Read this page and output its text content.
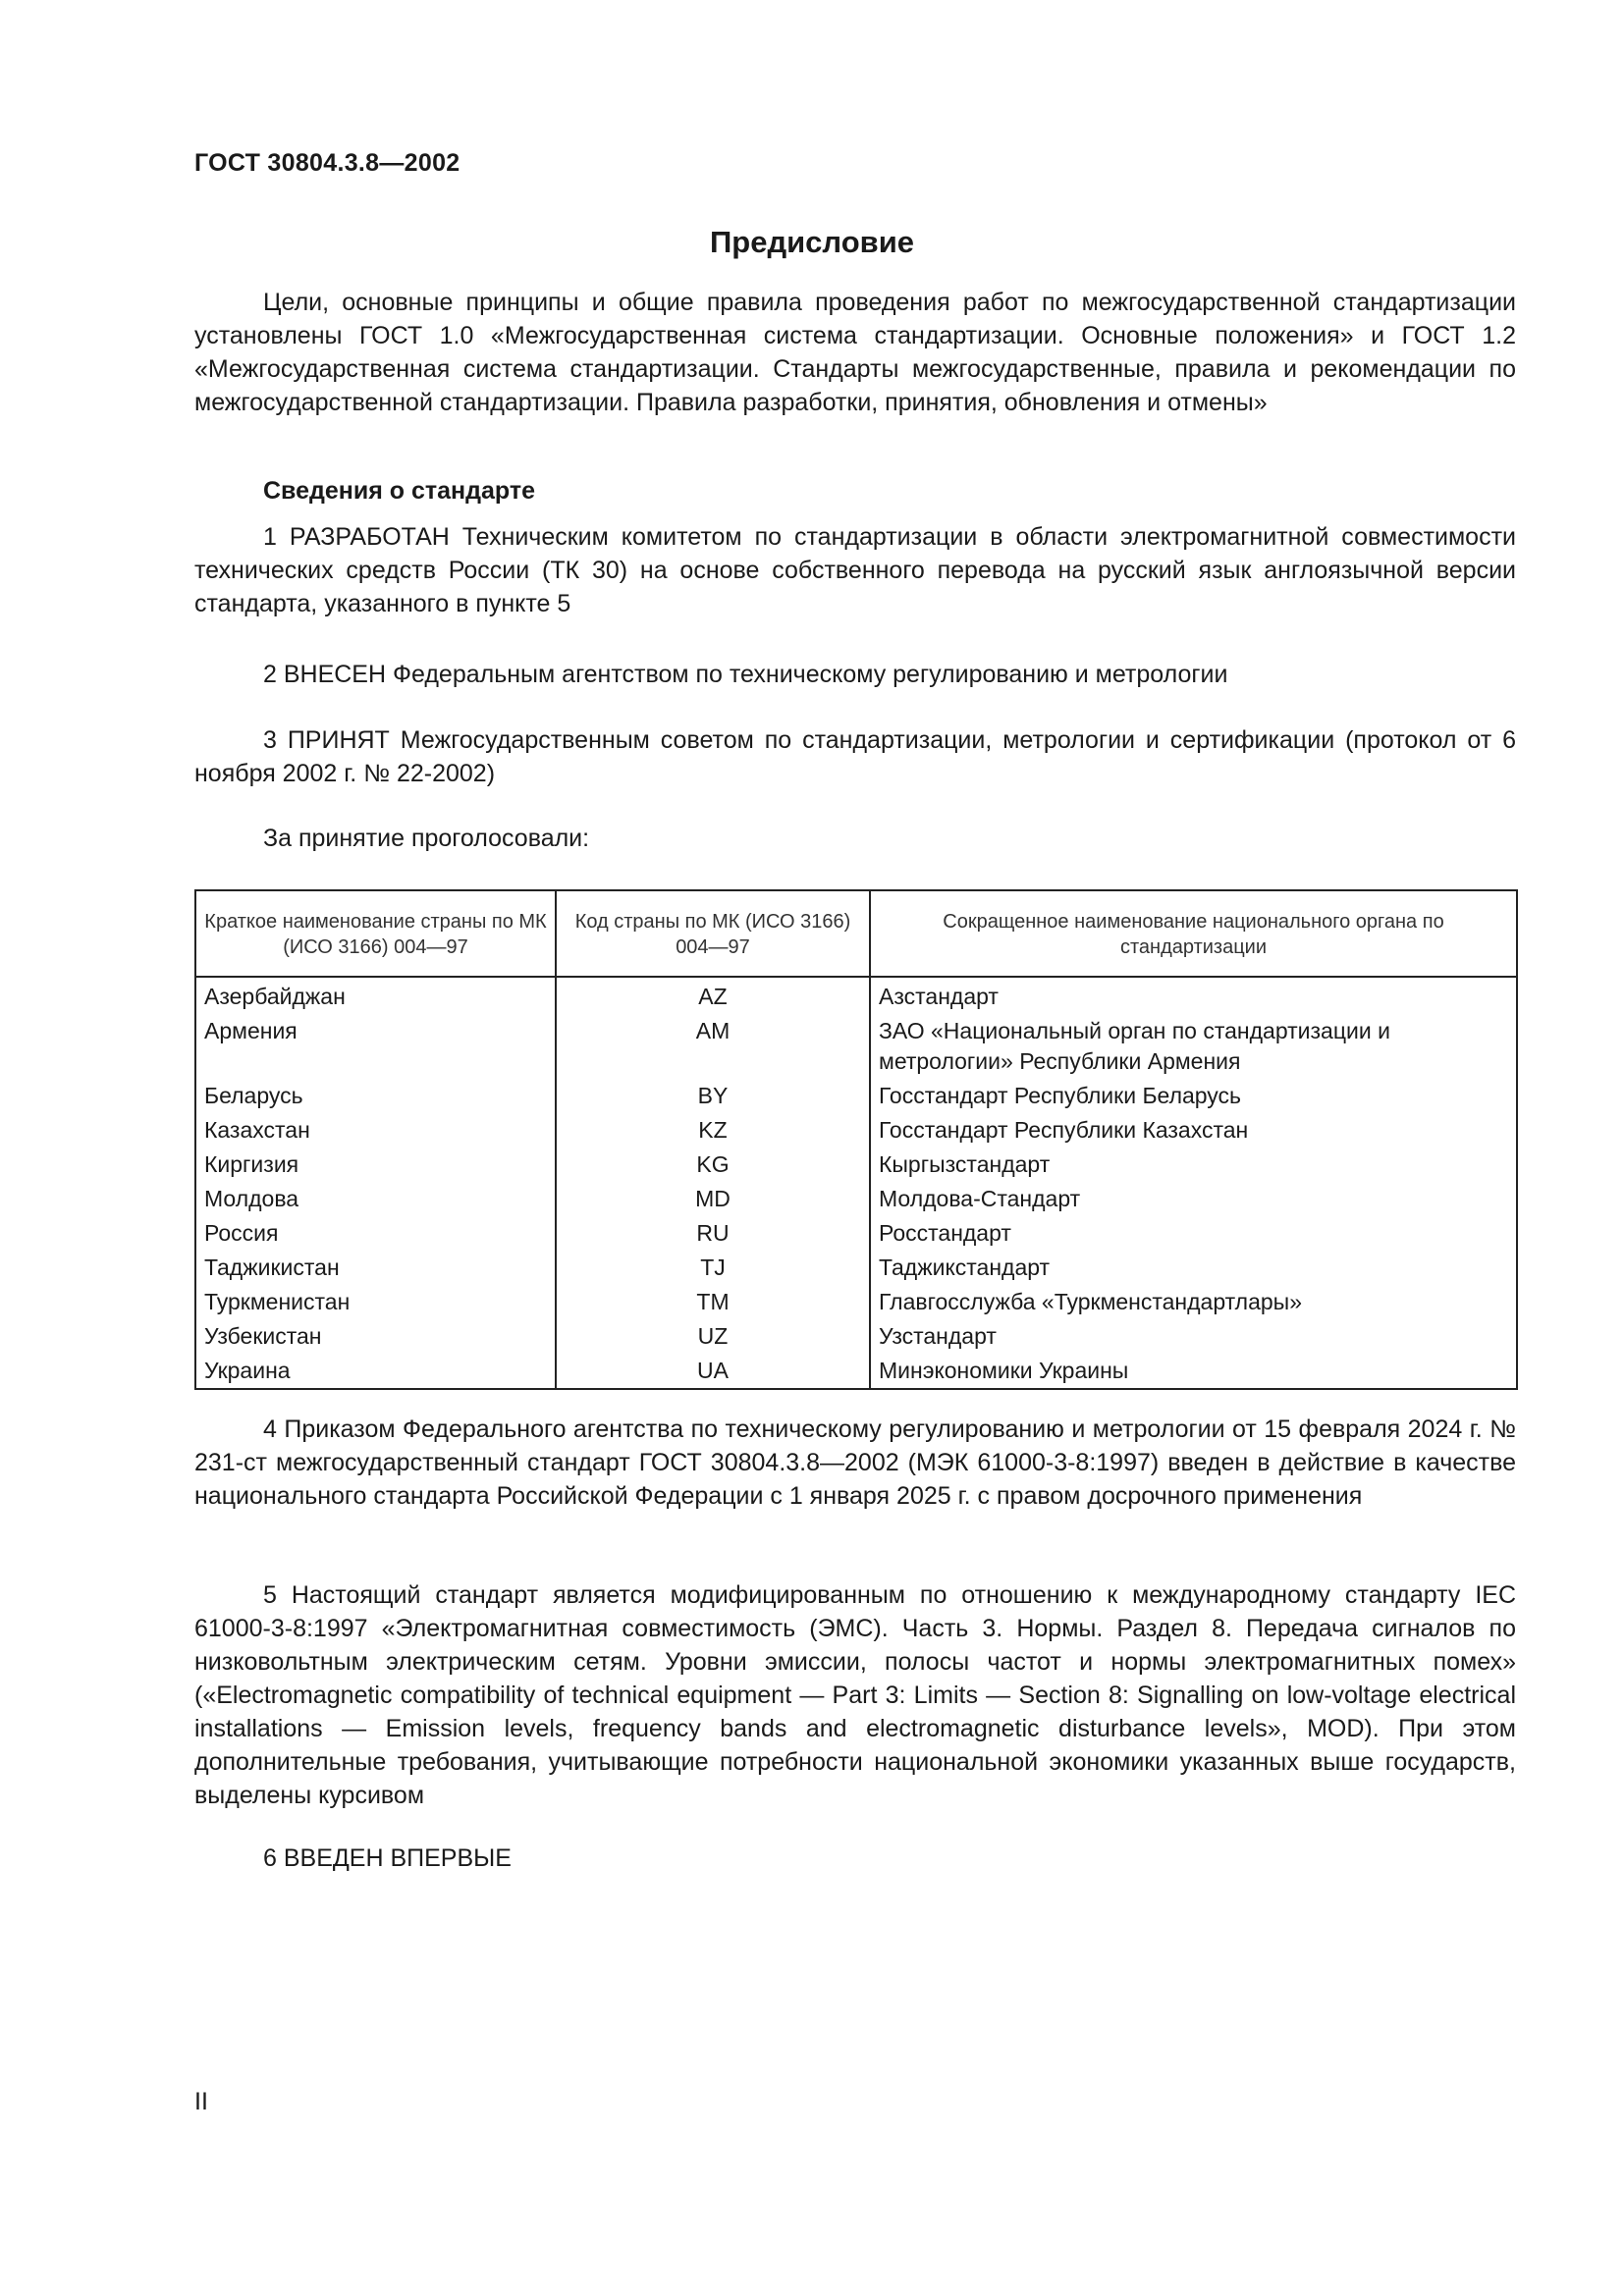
ГОСТ 30804.3.8—2002
Предисловие

Цели, основные принципы и общие правила проведения работ по межгосударственной стандартизации установлены ГОСТ 1.0 «Межгосударственная система стандартизации. Основные положения» и ГОСТ 1.2 «Межгосударственная система стандартизации. Стандарты межгосударственные, правила и рекомендации по межгосударственной стандартизации. Правила разработки, принятия, обновления и отмены»

Сведения о стандарте

1 РАЗРАБОТАН Техническим комитетом по стандартизации в области электромагнитной совместимости технических средств России (ТК 30) на основе собственного перевода на русский язык англоязычной версии стандарта, указанного в пункте 5

2 ВНЕСЕН Федеральным агентством по техническому регулированию и метрологии

3 ПРИНЯТ Межгосударственным советом по стандартизации, метрологии и сертификации (протокол от 6 ноября 2002 г. № 22-2002)

За принятие проголосовали:
Краткое наименование страны по МК (ИСО 3166) 004—97	Код страны по МК (ИСО 3166) 004—97	Сокращенное наименование национального органа по стандартизации
Азербайджан	AZ	Азстандарт
Армения	AM	ЗАО «Национальный орган по стандартизации и метрологии» Республики Армения
Беларусь	BY	Госстандарт Республики Беларусь
Казахстан	KZ	Госстандарт Республики Казахстан
Киргизия	KG	Кыргызстандарт
Молдова	MD	Молдова-Стандарт
Россия	RU	Росстандарт
Таджикистан	TJ	Таджикстандарт
Туркменистан	TM	Главгосслужба «Туркменстандартлары»
Узбекистан	UZ	Узстандарт
Украина	UA	Минэкономики Украины

4 Приказом Федерального агентства по техническому регулированию и метрологии от 15 февраля 2024 г. № 231-ст межгосударственный стандарт ГОСТ 30804.3.8—2002 (МЭК 61000-3-8:1997) введен в действие в качестве национального стандарта Российской Федерации с 1 января 2025 г. с правом досрочного применения

5 Настоящий стандарт является модифицированным по отношению к международному стандарту IEC 61000-3-8:1997 «Электромагнитная совместимость (ЭМС). Часть 3. Нормы. Раздел 8. Передача сигналов по низковольтным электрическим сетям. Уровни эмиссии, полосы частот и нормы электромагнитных помех» («Electromagnetic compatibility of technical equipment — Part 3: Limits — Section 8: Signalling on low-voltage electrical installations — Emission levels, frequency bands and electromagnetic disturbance levels», MOD). При этом дополнительные требования, учитывающие потребности национальной экономики указанных выше государств, выделены курсивом

6 ВВЕДЕН ВПЕРВЫЕ

II
